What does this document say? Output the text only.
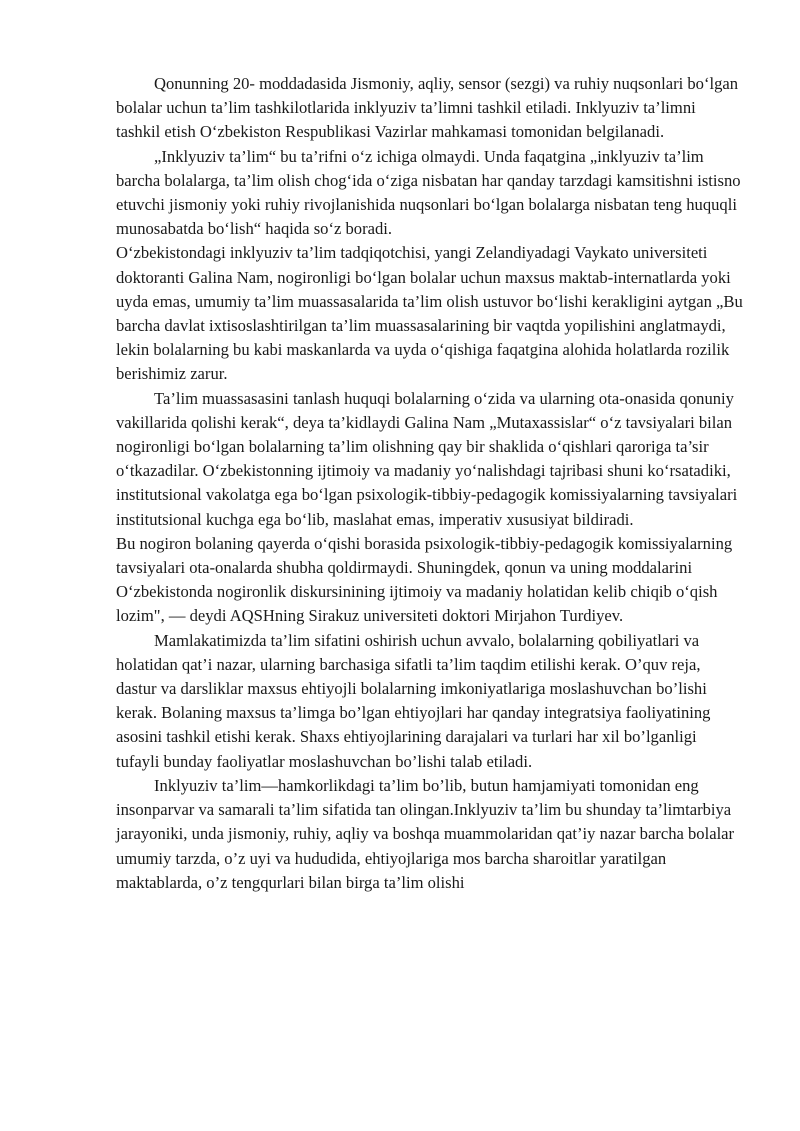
Qonunning 20- moddadasida Jismoniy, aqliy, sensor (sezgi) va ruhiy nuqsonlari bo‘lgan bolalar uchun ta’lim tashkilotlarida inklyuziv ta’limni tashkil etiladi. Inklyuziv ta’limni tashkil etish O‘zbekiston Respublikasi Vazirlar mahkamasi tomonidan belgilanadi.

„Inklyuziv ta’lim“ bu ta’rifni o‘z ichiga olmaydi. Unda faqatgina „inklyuziv ta’lim barcha bolalarga, ta’lim olish chog‘ida o‘ziga nisbatan har qanday tarzdagi kamsitishni istisno etuvchi jismoniy yoki ruhiy rivojlanishida nuqsonlari bo‘lgan bolalarga nisbatan teng huquqli munosabatda bo‘lish“ haqida so‘z boradi.

O‘zbekistondagi inklyuziv ta’lim tadqiqotchisi, yangi Zelandiyadagi Vaykato universiteti doktoranti Galina Nam, nogironligi bo‘lgan bolalar uchun maxsus maktab-internatlarda yoki uyda emas, umumiy ta’lim muassasalarida ta’lim olish ustuvor bo‘lishi kerakligini aytgan „Bu barcha davlat ixtisoslashtirilgan ta’lim muassasalarining bir vaqtda yopilishini anglatmaydi, lekin bolalarning bu kabi maskanlarda va uyda o‘qishiga faqatgina alohida holatlarda rozilik berishimiz zarur.

Ta’lim muassasasini tanlash huquqi bolalarning o‘zida va ularning ota-onasida qonuniy vakillarida qolishi kerak“, deya ta’kidlaydi Galina Nam „Mutaxassislar“ o‘z tavsiyalari bilan nogironligi bo‘lgan bolalarning ta’lim olishning qay bir shaklida o‘qishlari qaroriga ta’sir o‘tkazadilar. O‘zbekistonning ijtimoiy va madaniy yo‘nalishdagi tajribasi shuni ko‘rsatadiki, institutsional vakolatga ega bo‘lgan psixologik-tibbiy-pedagogik komissiyalarning tavsiyalari institutsional kuchga ega bo‘lib, maslahat emas, imperativ xususiyat bildiradi.

Bu nogiron bolaning qayerda o‘qishi borasida psixologik-tibbiy-pedagogik komissiyalarning tavsiyalari ota-onalarda shubha qoldirmaydi. Shuningdek, qonun va uning moddalarini O‘zbekistonda nogironlik diskursinining ijtimoiy va madaniy holatidan kelib chiqib o‘qish lozim", — deydi AQSHning Sirakuz universiteti doktori Mirjahon Turdiyev.

Mamlakatimizda ta’lim sifatini oshirish uchun avvalo, bolalarning qobiliyatlari va holatidan qat’i nazar, ularning barchasiga sifatli ta’lim taqdim etilishi kerak. O’quv reja, dastur va darsliklar maxsus ehtiyojli bolalarning imkoniyatlariga moslashuvchan bo’lishi kerak. Bolaning maxsus ta’limga bo’lgan ehtiyojlari har qanday integratsiya faoliyatining asosini tashkil etishi kerak. Shaxs ehtiyojlarining darajalari va turlari har xil bo’lganligi tufayli bunday faoliyatlar moslashuvchan bo’lishi talab etiladi.

Inklyuziv ta’lim—hamkorlikdagi ta’lim bo’lib, butun hamjamiyati tomonidan eng insonparvar va samarali ta’lim sifatida tan olingan.Inklyuziv ta’lim bu shunday ta’limtarbiya jarayoniki, unda jismoniy, ruhiy, aqliy va boshqa muammolaridan qat’iy nazar barcha bolalar umumiy tarzda, o’z uyi va hududida, ehtiyojlariga mos barcha sharoitlar yaratilgan maktablarda, o’z tengqurlari bilan birga ta’lim olishi
